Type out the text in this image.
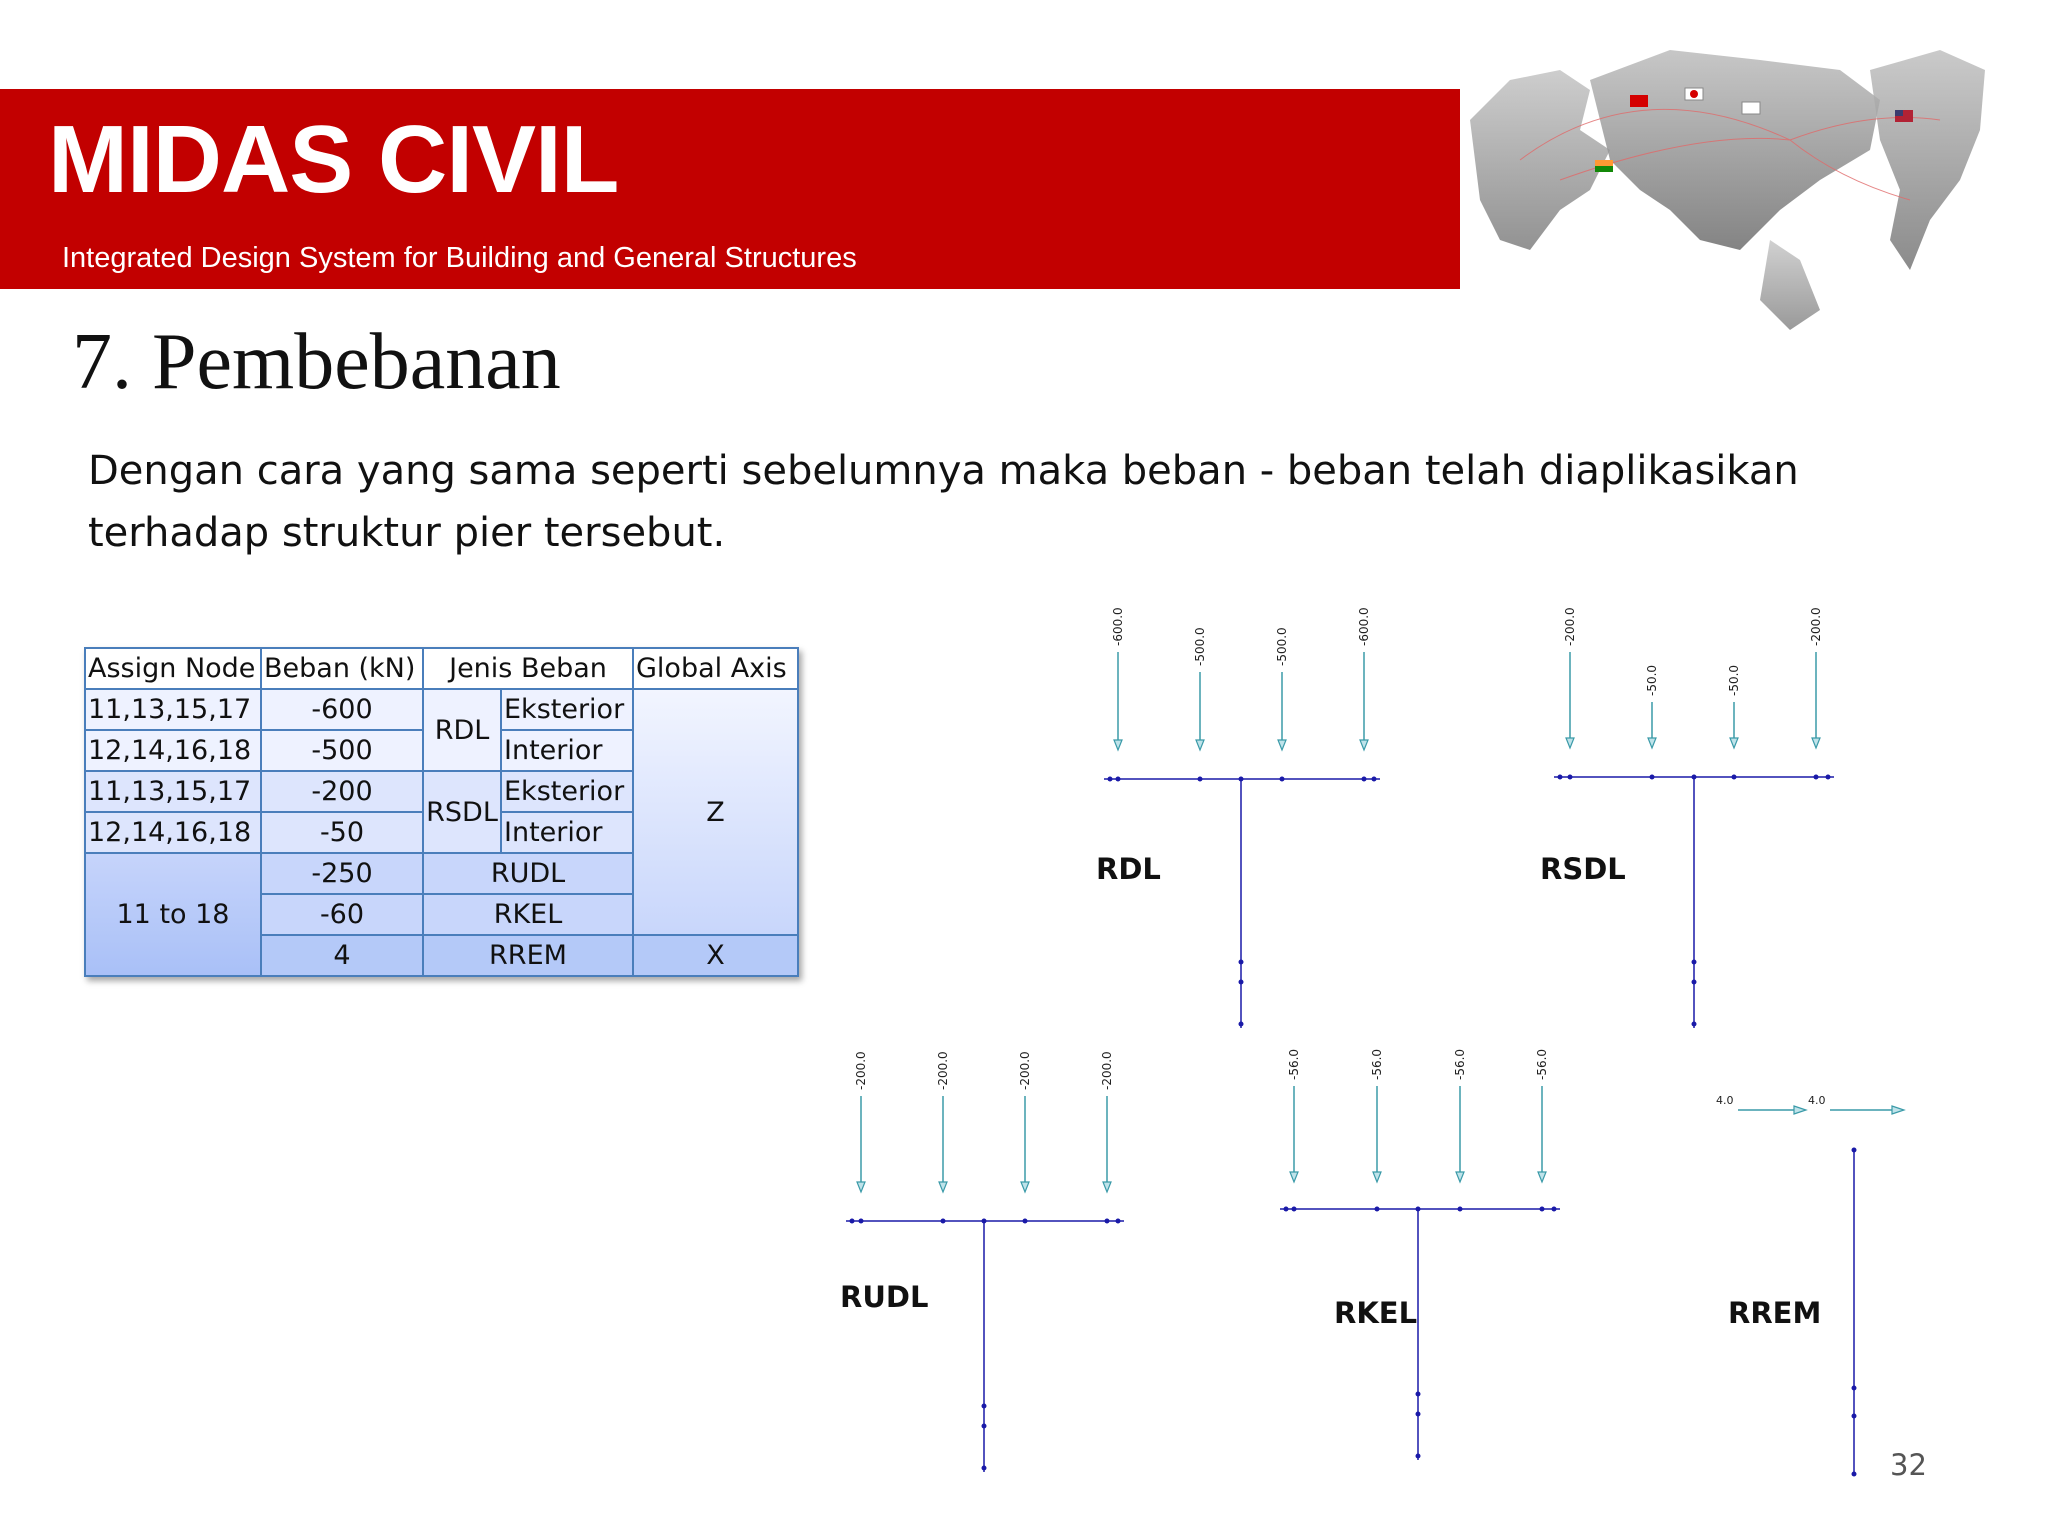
MIDAS CIVIL
Integrated Design System for Building and General Structures
7. Pembebanan
Dengan cara yang sama seperti sebelumnya maka beban - beban telah diaplikasikan
terhadap struktur pier tersebut.
Assign Node	Beban (kN)	Jenis Beban		Global Axis
11,13,15,17	-600	RDL	Eksterior	Z
12,14,16,18	-500		Interior	
11,13,15,17	-200	RSDL	Eksterior	
12,14,16,18	-50		Interior	
11 to 18	-250	RUDL		
	-60	RKEL		
	4	RREM		X
-600.0
-500.0	-500.0
-600.0	-200.0
-50.0	-50.0
-200.0
-200.0	-200.0	-200.0	-200.0	-56.0	-56.0	-56.0	-56.0
4.0	4.0
RDL	RSDL
RUDL	RKEL	RREM
32
